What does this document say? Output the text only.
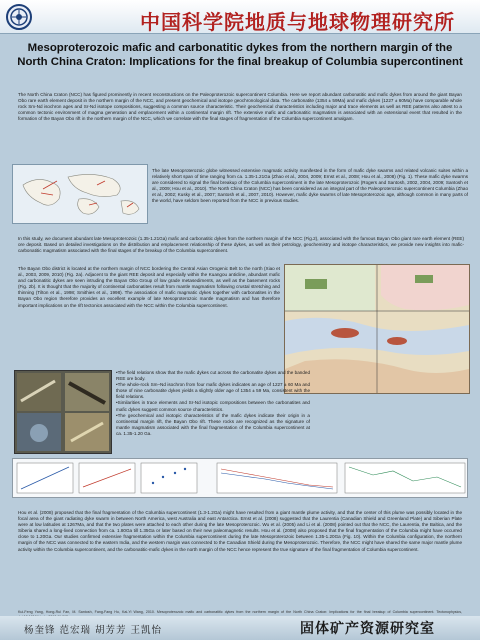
中国科学院地质与地球物理研究所
Mesoproterozoic mafic and carbonatitic dykes from the northern margin of the North China Craton: Implications for the final breakup of Columbia supercontinent
The North China Craton (NCC) has figured prominently in recent reconstructions on the Paleoproterozoic supercontinent Columbia. Here we report abundant carbonatitic and mafic dykes from around the giant Bayan Obo rare earth element deposit in the northern margin of the NCC, and present geochemical and isotope geochronological data. The carbonatite (1354 ± 59Ma) and mafic dykes (1227 ± 60Ma) have comparable whole rock Sm-Nd isochron ages and Sr-Nd isotope compositions, suggesting a common source characteristic. Their geochemical characteristics including major and trace elements as well as REE patterns also attest to a common tectonic environment of magma generation and emplacement within a continental margin rift. The extensive mafic and carbonatitic magmatism is associated with an extensional event that resulted in the formation of the Bayan Obo rift in the northern margin of the NCC, which we correlate with the final stages of fragmentation of the Columbia supercontinent amalgam.
The late Mesoproterozoic globe witnessed extensive magmatic activity manifested in the form of mafic dyke swarms and related volcanic suites within a relatively short span of time ranging from ca. 1.35-1.21Ga (Zhao et al., 2004, 2009; Ernst et al., 2008; Hou et al., 2008) (Fig. 1). These mafic dyke swarms are considered to signal the final breakup of the Columbia supercontinent in the late Mesoproterozoic (Rogers and Santosh, 2002, 2004, 2009; Santosh et al., 2009; Hou et al., 2010). The North China Craton (NCC) has been considered as an integral part of the Paleoproterozoic supercontinent Columbia (Zhao et al., 2002; Kusky et al., 2007; Santosh et al., 2007, 2010). However, mafic dyke swarms of late Mesoproterozoic age, although common in many parts of the world, have seldom been reported from the NCC in previous studies.
In this study, we document abundant late Mesoproterozoic (1.35-1.21Ga) mafic and carbonatitic dykes from the northern margin of the NCC (Fig.2), associated with the famous Bayan Obo giant rare earth element (REE) ore deposit. Based on detailed investigations on the distribution and emplacement relationship of these dykes, as well as their petrology, geochemistry and isotope characteristics, we provide new insights into mafic-carbonatitic magmatism associated with the final stages of the breakup of the Columbia supercontinent.
The Bayan Obo district is located at the northern margin of NCC bordering the Central Asian Orogenic Belt to the north (Xiao et al., 2003, 2009, 2010) (Fig. 2a). Adjacent to the giant REE deposit and especially within the Kuangou anticline, abundant mafic and carbonatitic dykes are seen intruding the Bayan Obo Group of low grade metasediments, as well as the basement rocks (Fig. 2b). It is thought that the majority of continental carbonatites result from mantle magmatism following crustal stretching and thinning (Tilton et al., 1998; Smithies et al., 1998). The association of mafic magmatic dykes together with carbonatites in the Bayan Obo region therefore provides an excellent example of late Mesoproterozoic mantle magmatism and has therefore important implications on the rift tectonics associated with the NCC within the Columbia supercontinent.
•The field relations show that the mafic dykes cut across the carbonatite dykes and the banded REE ore body.
•The whole-rock Sm–Nd isochron from four mafic dykes indicates an age of 1227 ± 60 Ma and those of nine carbonatite dykes yields a slightly older age of 1354 ± 59 Ma, consistent with the field relations.
•Similarities in trace elements and Sr-Nd isotopic compositions between the carbonatites and mafic dykes suggest common source characteristics.
•The geochemical and isotopic characteristics of the mafic dykes indicate their origin in a continental margin rift, the Bayan Obo rift. These rocks are recognized as the signature of mantle magmatism associated with the final fragmentation of the Columbia supercontinent at ca. 1.35-1.20 Ga.
Hou et al. (2008) proposed that the final fragmentation of the Columbia supercontinent (1.3-1.2Ga) might have resulted from a giant mantle plume activity, and that the center of this plume was possibly located in the focal area of the giant radiating dyke swarm in between North America, west Australia and east Antarctica. Ernst et al. (2008) suggested that the Laurentia (Canadian Shield and Greenland Plate) and Siberian Plate were at low latitudes at 1267Ma, and that the two plates were attached to each other during the late Mesoproterozoic. Wu et al. (2005) and Li et al. (2008) pointed out that the NCC, the Laurentia, the Baltica, and the Siberia shared a long-lived connection from ca. 1.80Ga till 1.35Ga or later based on their new paleomagnetic results. Hou et al. (2008) also proposed that the final fragmentation of the Columbia might have occurred close to 1.20Ga. Our studies confirmed extensive fragmentation within the Columbia supercontinent during the late Mesoproterozoic between 1.35-1.20Ga (Fig. 10). Within the Columbia configuration, the northern margin of the NCC was connected to the eastern India, and the western margin was connected to the Canadian Shield during the Mesoproterozoic. Therefore, the NCC might have shared the same major mantle plume activity within the Columbia supercontinent, and the carbonatitic-mafic dykes in the north margin of the NCC hence represent the true signature of the final fragmentation of Columbia supercontinent.
Kui-Feng Yang, Hong-Rui Fan, M. Santosh, Fang-Fang Hu, Kai-Yi Wang, 2010. Mesoproterozoic mafic and carbonatitic dykes from the northern margin of the North China Craton: Implications for the final breakup of Columbia supercontinent. Tectonophysics,
杨奎锋 范宏瑞 胡芳芳 王凯怡	固体矿产资源研究室
